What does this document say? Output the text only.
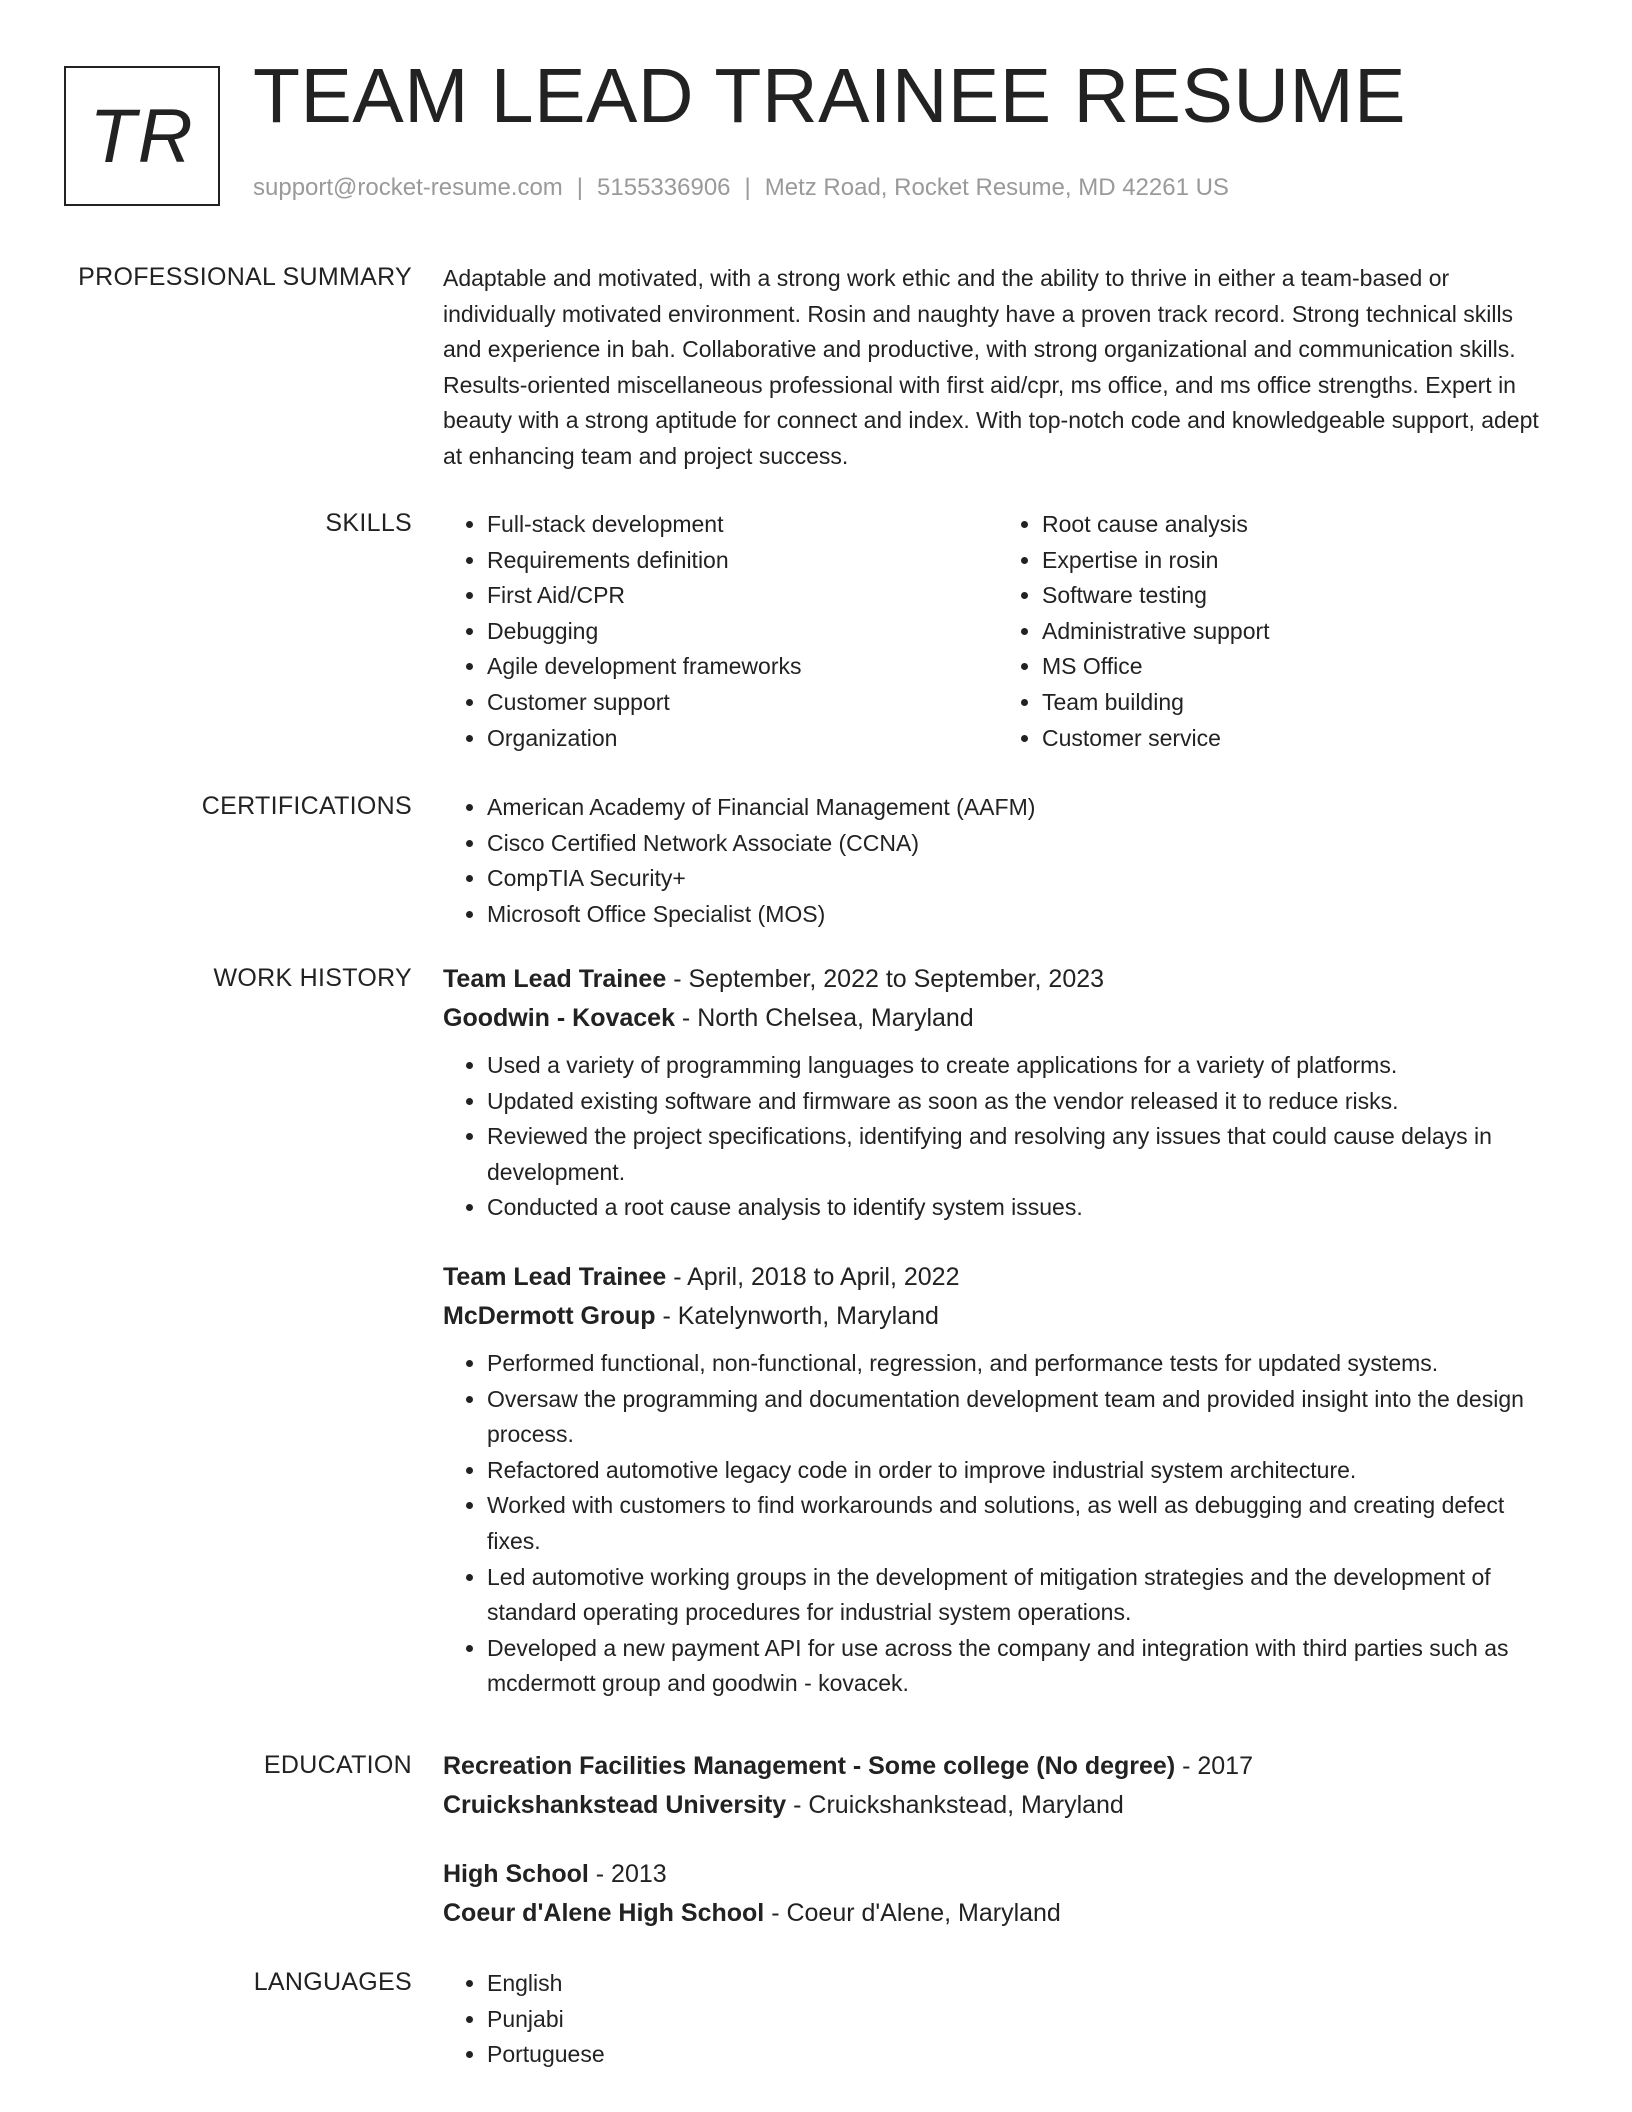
TR TEAM LEAD TRAINEE RESUME
support@rocket-resume.com | 5155336906 | Metz Road, Rocket Resume, MD 42261 US
PROFESSIONAL SUMMARY Adaptable and motivated, with a strong work ethic and the ability to thrive in either a team-based or individually motivated environment. Rosin and naughty have a proven track record. Strong technical skills and experience in bah. Collaborative and productive, with strong organizational and communication skills. Results-oriented miscellaneous professional with first aid/cpr, ms office, and ms office strengths. Expert in beauty with a strong aptitude for connect and index. With top-notch code and knowledgeable support, adept at enhancing team and project success.

SKILLS	• Full-stack development
• Requirements definition
• First Aid/CPR
• Debugging
• Agile development frameworks
• Customer support
• Organization
• Root cause analysis
• Expertise in rosin
• Software testing
• Administrative support
• MS Office
• Team building
• Customer service
CERTIFICATIONS	• American Academy of Financial Management (AAFM)
• Cisco Certified Network Associate (CCNA)
• CompTIA Security+
• Microsoft Office Specialist (MOS)
WORK HISTORY Team Lead Trainee - September, 2022 to September, 2023
Goodwin - Kovacek - North Chelsea, Maryland
• Used a variety of programming languages to create applications for a variety of platforms.
• Updated existing software and firmware as soon as the vendor released it to reduce risks.
• Reviewed the project specifications, identifying and resolving any issues that could cause delays in development.
• Conducted a root cause analysis to identify system issues.
Team Lead Trainee - April, 2018 to April, 2022
McDermott Group - Katelynworth, Maryland
• Performed functional, non-functional, regression, and performance tests for updated systems.
• Oversaw the programming and documentation development team and provided insight into the design process.
• Refactored automotive legacy code in order to improve industrial system architecture.
• Worked with customers to find workarounds and solutions, as well as debugging and creating defect fixes.
• Led automotive working groups in the development of mitigation strategies and the development of standard operating procedures for industrial system operations.
• Developed a new payment API for use across the company and integration with third parties such as mcdermott group and goodwin - kovacek.
EDUCATION Recreation Facilities Management - Some college (No degree) - 2017
Cruickshankstead University - Cruickshankstead, Maryland
High School - 2013
Coeur d'Alene High School - Coeur d'Alene, Maryland
LANGUAGES	• English
• Punjabi
• Portuguese
